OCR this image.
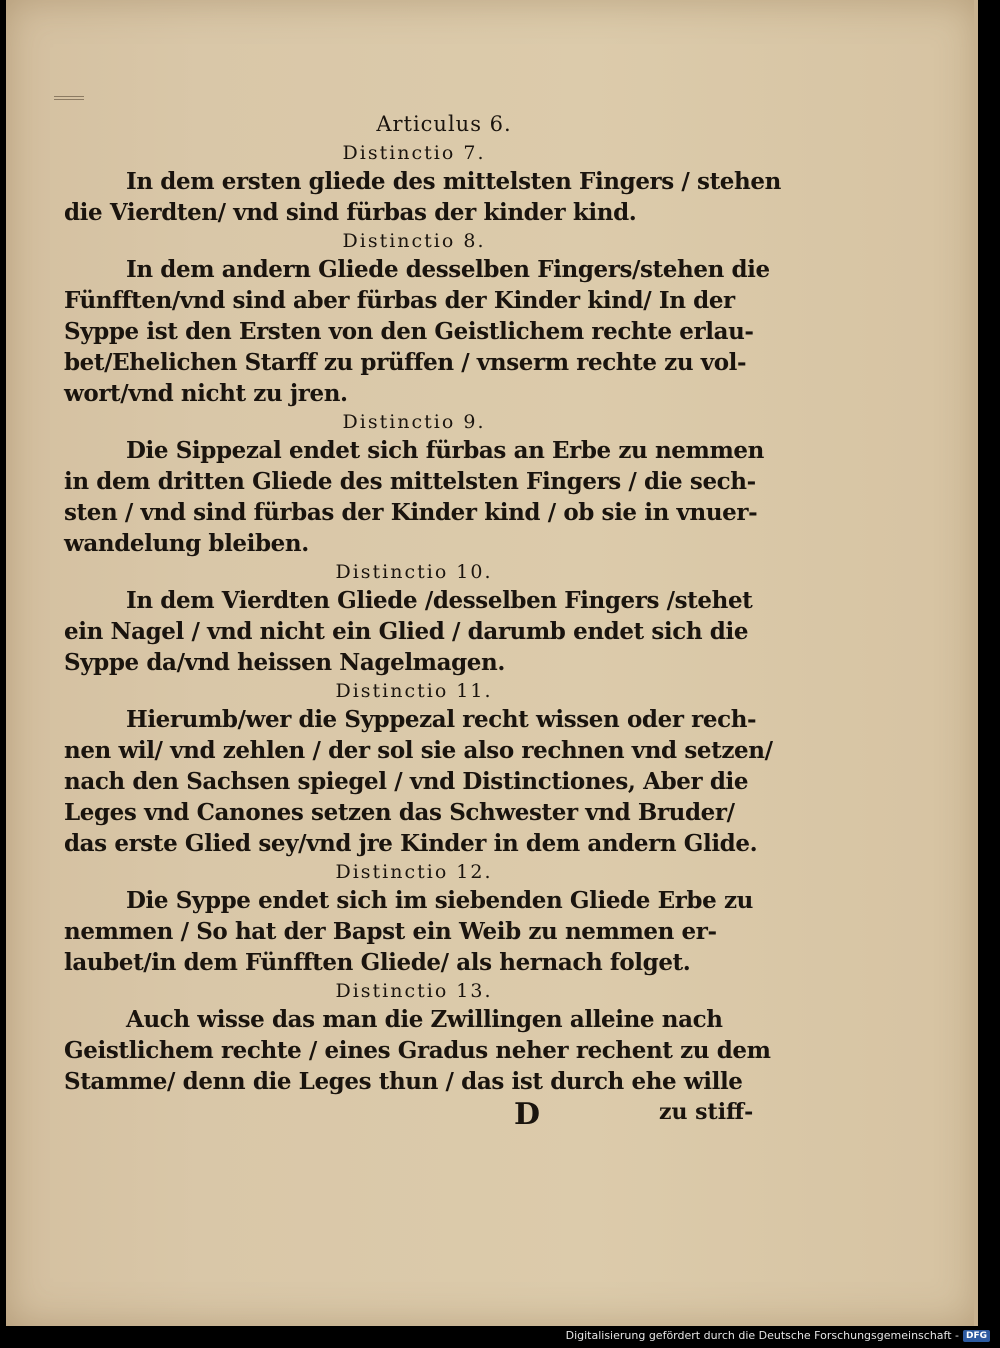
Articulus 6.
Distinctio 7.
In dem ersten gliede des mittelsten Fingers / stehen
die Vierdten/ vnd sind fürbas der kinder kind.
Distinctio 8.
In dem andern Gliede desselben Fingers/stehen die
Fünfften/vnd sind aber fürbas der Kinder kind/ In der
Syppe ist den Ersten von den Geistlichem rechte erlau-
bet/Ehelichen Starff zu prüffen / vnserm rechte zu vol-
wort/vnd nicht zu jren.
Distinctio 9.
Die Sippezal endet sich fürbas an Erbe zu nemmen
in dem dritten Gliede des mittelsten Fingers / die sech-
sten / vnd sind fürbas der Kinder kind / ob sie in vnuer-
wandelung bleiben.
Distinctio 10.
In dem Vierdten Gliede /desselben Fingers /stehet
ein Nagel / vnd nicht ein Glied / darumb endet sich die
Syppe da/vnd heissen Nagelmagen.
Distinctio 11.
Hierumb/wer die Syppezal recht wissen oder rech-
nen wil/ vnd zehlen / der sol sie also rechnen vnd setzen/
nach den Sachsen spiegel / vnd Distinctiones, Aber die
Leges vnd Canones setzen das Schwester vnd Bruder/
das erste Glied sey/vnd jre Kinder in dem andern Glide.
Distinctio 12.
Die Syppe endet sich im siebenden Gliede Erbe zu
nemmen / So hat der Bapst ein Weib zu nemmen er-
laubet/in dem Fünfften Gliede/ als hernach folget.
Distinctio 13.
Auch wisse das man die Zwillingen alleine nach
Geistlichem rechte / eines Gradus neher rechent zu dem
Stamme/ denn die Leges thun / das ist durch ehe wille
D	zu stiff-
Digitalisierung gefördert durch die Deutsche Forschungsgemeinschaft - DFG
